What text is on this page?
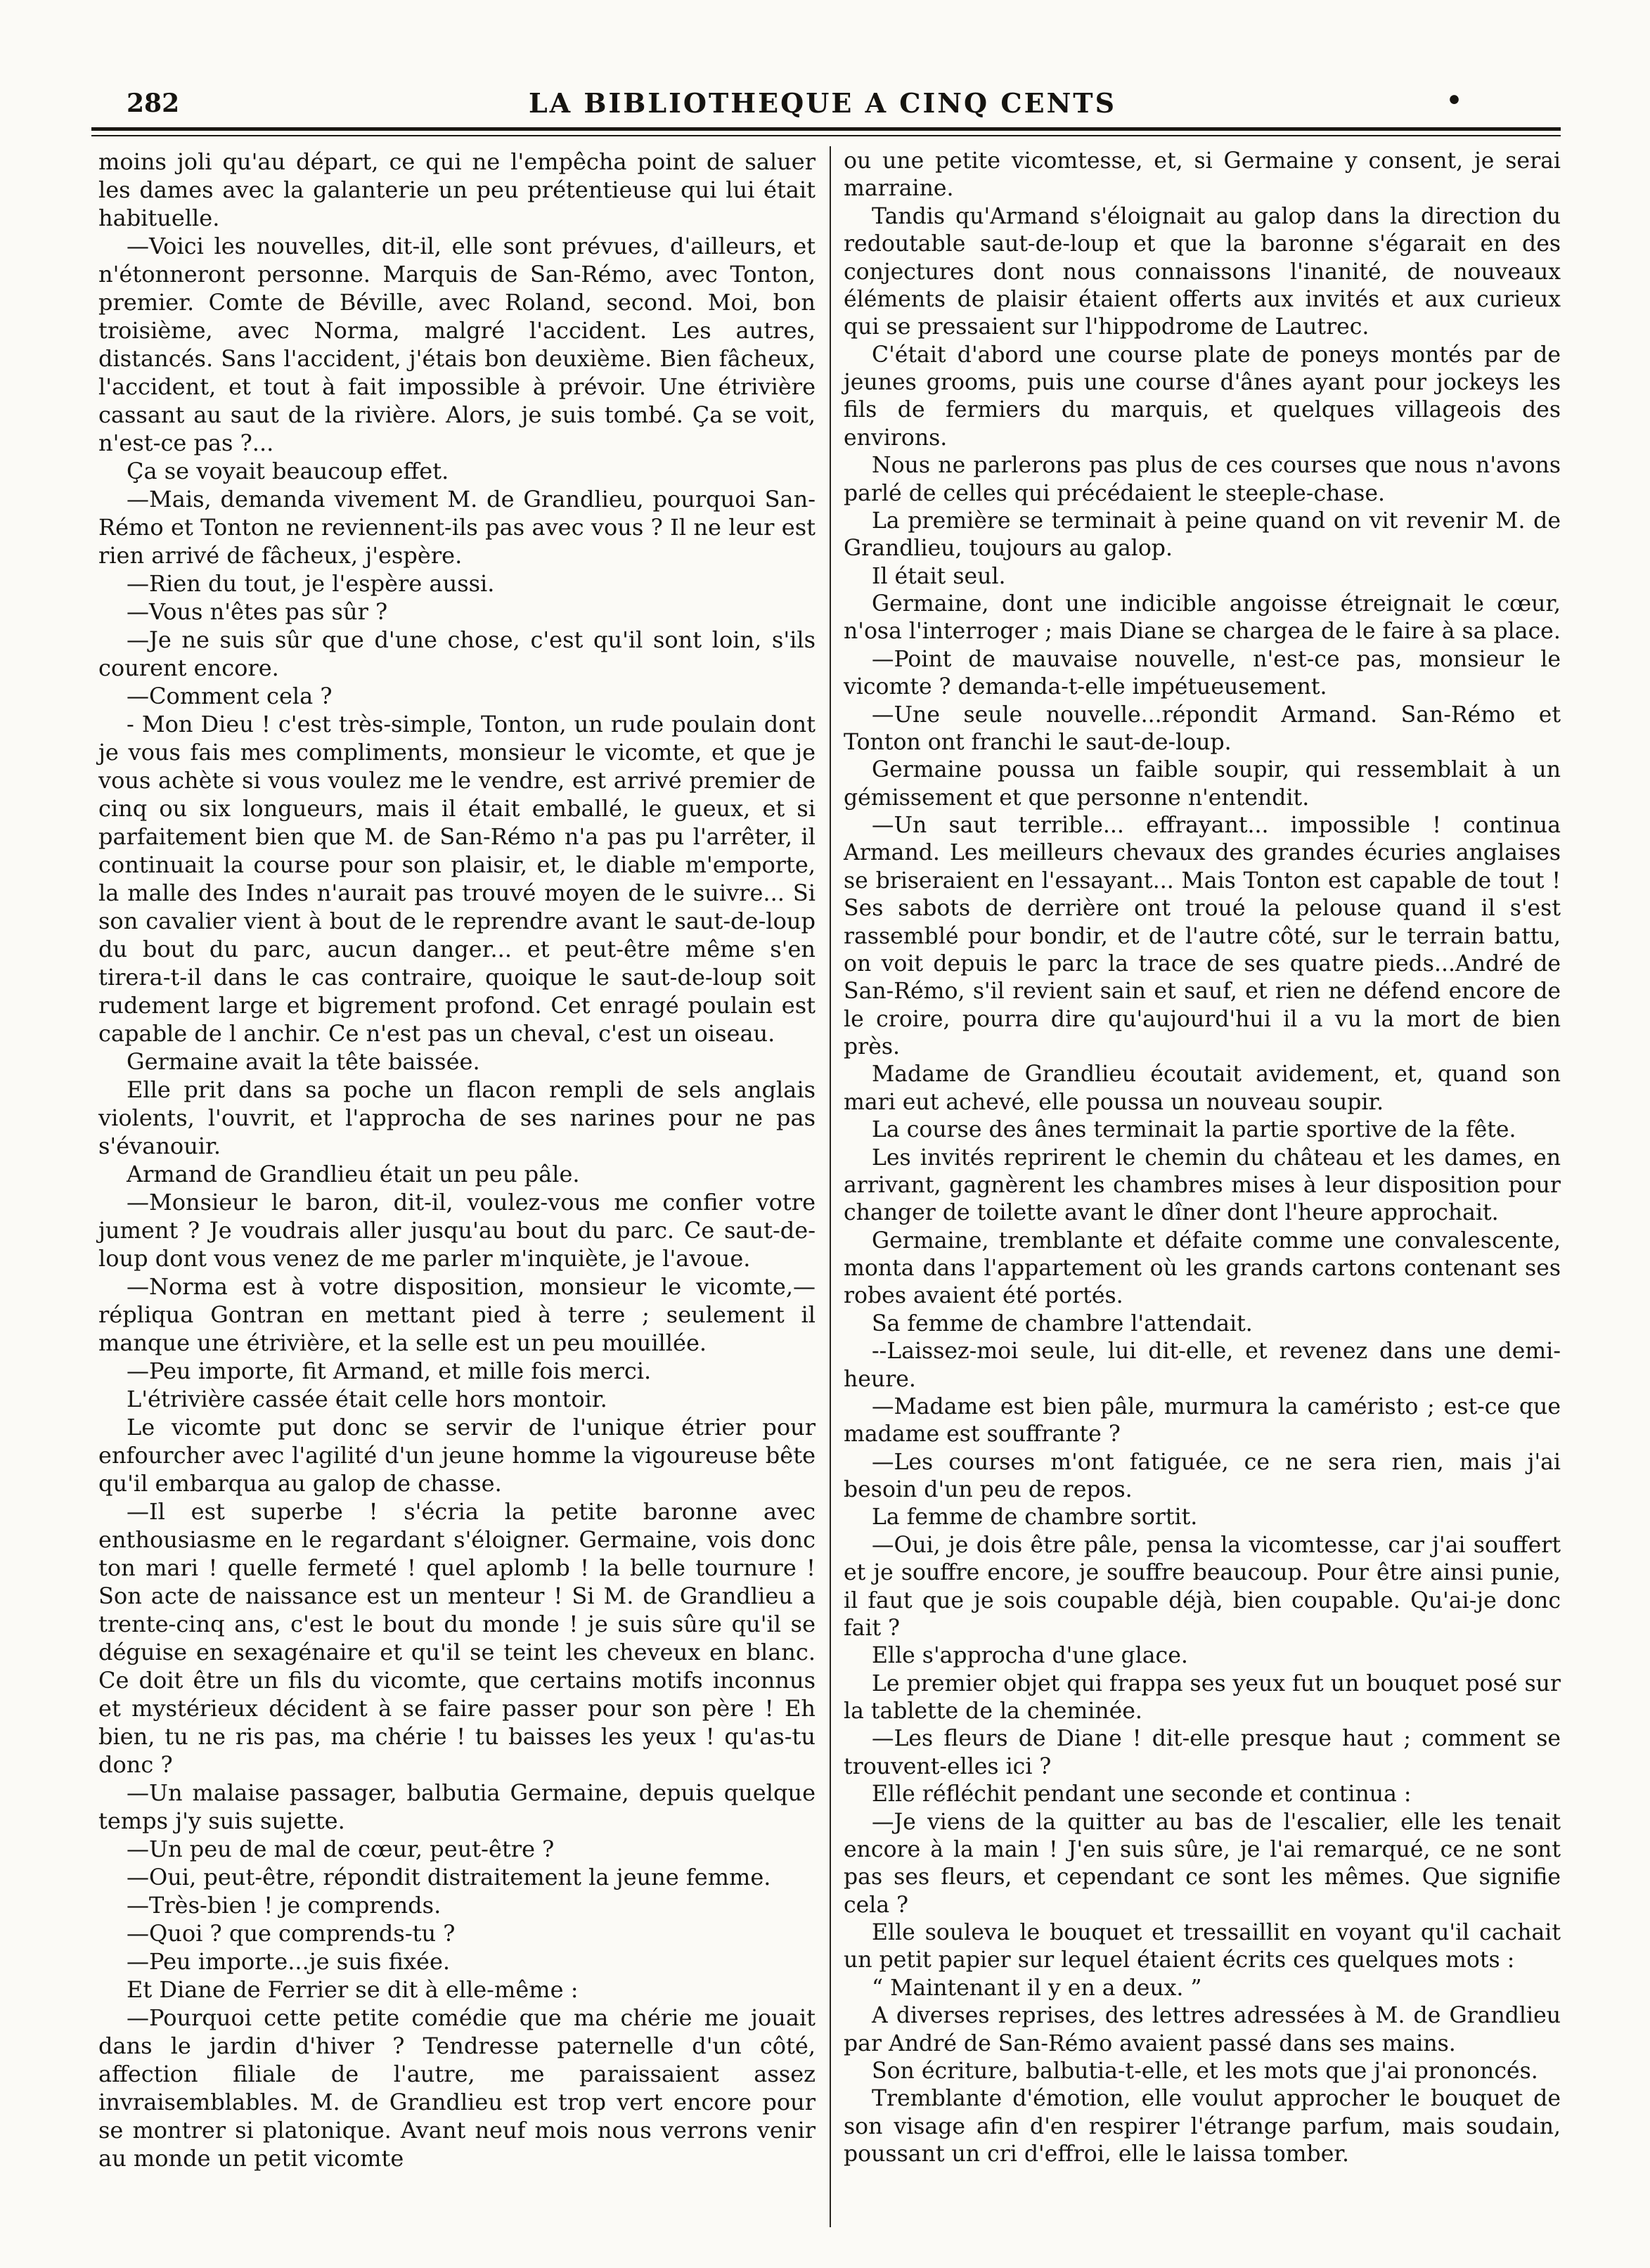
282	LA BIBLIOTHEQUE A CINQ CENTS	•

moins joli qu'au départ, ce qui ne l'empêcha point de saluer les dames avec la galanterie un peu prétentieuse qui lui était habituelle.

—Voici les nouvelles, dit-il, elle sont prévues, d'ailleurs, et n'étonneront personne. Marquis de San-Rémo, avec Tonton, premier. Comte de Béville, avec Roland, second. Moi, bon troisième, avec Norma, malgré l'accident. Les autres, distancés. Sans l'accident, j'étais bon deuxième. Bien fâcheux, l'accident, et tout à fait impossible à prévoir. Une étrivière cassant au saut de la rivière. Alors, je suis tombé. Ça se voit, n'est-ce pas ?...

Ça se voyait beaucoup effet.

—Mais, demanda vivement M. de Grandlieu, pourquoi San-Rémo et Tonton ne reviennent-ils pas avec vous ? Il ne leur est rien arrivé de fâcheux, j'espère.

—Rien du tout, je l'espère aussi.

—Vous n'êtes pas sûr ?

—Je ne suis sûr que d'une chose, c'est qu'il sont loin, s'ils courent encore.

—Comment cela ?

- Mon Dieu ! c'est très-simple, Tonton, un rude poulain dont je vous fais mes compliments, monsieur le vicomte, et que je vous achète si vous voulez me le vendre, est arrivé premier de cinq ou six longueurs, mais il était emballé, le gueux, et si parfaitement bien que M. de San-Rémo n'a pas pu l'arrêter, il continuait la course pour son plaisir, et, le diable m'emporte, la malle des Indes n'aurait pas trouvé moyen de le suivre... Si son cavalier vient à bout de le reprendre avant le saut-de-loup du bout du parc, aucun danger... et peut-être même s'en tirera-t-il dans le cas contraire, quoique le saut-de-loup soit rudement large et bigrement profond. Cet enragé poulain est capable de l anchir. Ce n'est pas un cheval, c'est un oiseau.

Germaine avait la tête baissée.

Elle prit dans sa poche un flacon rempli de sels anglais violents, l'ouvrit, et l'approcha de ses narines pour ne pas s'évanouir.

Armand de Grandlieu était un peu pâle.

—Monsieur le baron, dit-il, voulez-vous me confier votre jument ? Je voudrais aller jusqu'au bout du parc. Ce saut-de-loup dont vous venez de me parler m'inquiète, je l'avoue.

—Norma est à votre disposition, monsieur le vicomte,— répliqua Gontran en mettant pied à terre ; seulement il manque une étrivière, et la selle est un peu mouillée.

—Peu importe, fit Armand, et mille fois merci.

L'étrivière cassée était celle hors montoir.

Le vicomte put donc se servir de l'unique étrier pour enfourcher avec l'agilité d'un jeune homme la vigoureuse bête qu'il embarqua au galop de chasse.

—Il est superbe ! s'écria la petite baronne avec enthousiasme en le regardant s'éloigner. Germaine, vois donc ton mari ! quelle fermeté ! quel aplomb ! la belle tournure ! Son acte de naissance est un menteur ! Si M. de Grandlieu a trente-cinq ans, c'est le bout du monde ! je suis sûre qu'il se déguise en sexagénaire et qu'il se teint les cheveux en blanc. Ce doit être un fils du vicomte, que certains motifs inconnus et mystérieux décident à se faire passer pour son père ! Eh bien, tu ne ris pas, ma chérie ! tu baisses les yeux ! qu'as-tu donc ?

—Un malaise passager, balbutia Germaine, depuis quelque temps j'y suis sujette.

—Un peu de mal de cœur, peut-être ?

—Oui, peut-être, répondit distraitement la jeune femme.

—Très-bien ! je comprends.

—Quoi ? que comprends-tu ?

—Peu importe...je suis fixée.

Et Diane de Ferrier se dit à elle-même :

—Pourquoi cette petite comédie que ma chérie me jouait dans le jardin d'hiver ? Tendresse paternelle d'un côté, affection filiale de l'autre, me paraissaient assez invraisemblables. M. de Grandlieu est trop vert encore pour se montrer si platonique. Avant neuf mois nous verrons venir au monde un petit vicomte

ou une petite vicomtesse, et, si Germaine y consent, je serai marraine.

Tandis qu'Armand s'éloignait au galop dans la direction du redoutable saut-de-loup et que la baronne s'égarait en des conjectures dont nous connaissons l'inanité, de nouveaux éléments de plaisir étaient offerts aux invités et aux curieux qui se pressaient sur l'hippodrome de Lautrec.

C'était d'abord une course plate de poneys montés par de jeunes grooms, puis une course d'ânes ayant pour jockeys les fils de fermiers du marquis, et quelques villageois des environs.

Nous ne parlerons pas plus de ces courses que nous n'avons parlé de celles qui précédaient le steeple-chase.

La première se terminait à peine quand on vit revenir M. de Grandlieu, toujours au galop.

Il était seul.

Germaine, dont une indicible angoisse étreignait le cœur, n'osa l'interroger ; mais Diane se chargea de le faire à sa place.

—Point de mauvaise nouvelle, n'est-ce pas, monsieur le vicomte ? demanda-t-elle impétueusement.

—Une seule nouvelle...répondit Armand. San-Rémo et Tonton ont franchi le saut-de-loup.

Germaine poussa un faible soupir, qui ressemblait à un gémissement et que personne n'entendit.

—Un saut terrible... effrayant... impossible ! continua Armand. Les meilleurs chevaux des grandes écuries anglaises se briseraient en l'essayant... Mais Tonton est capable de tout ! Ses sabots de derrière ont troué la pelouse quand il s'est rassemblé pour bondir, et de l'autre côté, sur le terrain battu, on voit depuis le parc la trace de ses quatre pieds...André de San-Rémo, s'il revient sain et sauf, et rien ne défend encore de le croire, pourra dire qu'aujourd'hui il a vu la mort de bien près.

Madame de Grandlieu écoutait avidement, et, quand son mari eut achevé, elle poussa un nouveau soupir.

La course des ânes terminait la partie sportive de la fête.

Les invités reprirent le chemin du château et les dames, en arrivant, gagnèrent les chambres mises à leur disposition pour changer de toilette avant le dîner dont l'heure approchait.

Germaine, tremblante et défaite comme une convalescente, monta dans l'appartement où les grands cartons contenant ses robes avaient été portés.

Sa femme de chambre l'attendait.

--Laissez-moi seule, lui dit-elle, et revenez dans une demi-heure.

—Madame est bien pâle, murmura la caméristo ; est-ce que madame est souffrante ?

—Les courses m'ont fatiguée, ce ne sera rien, mais j'ai besoin d'un peu de repos.

La femme de chambre sortit.

—Oui, je dois être pâle, pensa la vicomtesse, car j'ai souffert et je souffre encore, je souffre beaucoup. Pour être ainsi punie, il faut que je sois coupable déjà, bien coupable. Qu'ai-je donc fait ?

Elle s'approcha d'une glace.

Le premier objet qui frappa ses yeux fut un bouquet posé sur la tablette de la cheminée.

—Les fleurs de Diane ! dit-elle presque haut ; comment se trouvent-elles ici ?

Elle réfléchit pendant une seconde et continua :

—Je viens de la quitter au bas de l'escalier, elle les tenait encore à la main ! J'en suis sûre, je l'ai remarqué, ce ne sont pas ses fleurs, et cependant ce sont les mêmes. Que signifie cela ?

Elle souleva le bouquet et tressaillit en voyant qu'il cachait un petit papier sur lequel étaient écrits ces quelques mots :

“ Maintenant il y en a deux. ”

A diverses reprises, des lettres adressées à M. de Grandlieu par André de San-Rémo avaient passé dans ses mains.

Son écriture, balbutia-t-elle, et les mots que j'ai prononcés.

Tremblante d'émotion, elle voulut approcher le bouquet de son visage afin d'en respirer l'étrange parfum, mais soudain, poussant un cri d'effroi, elle le laissa tomber.
